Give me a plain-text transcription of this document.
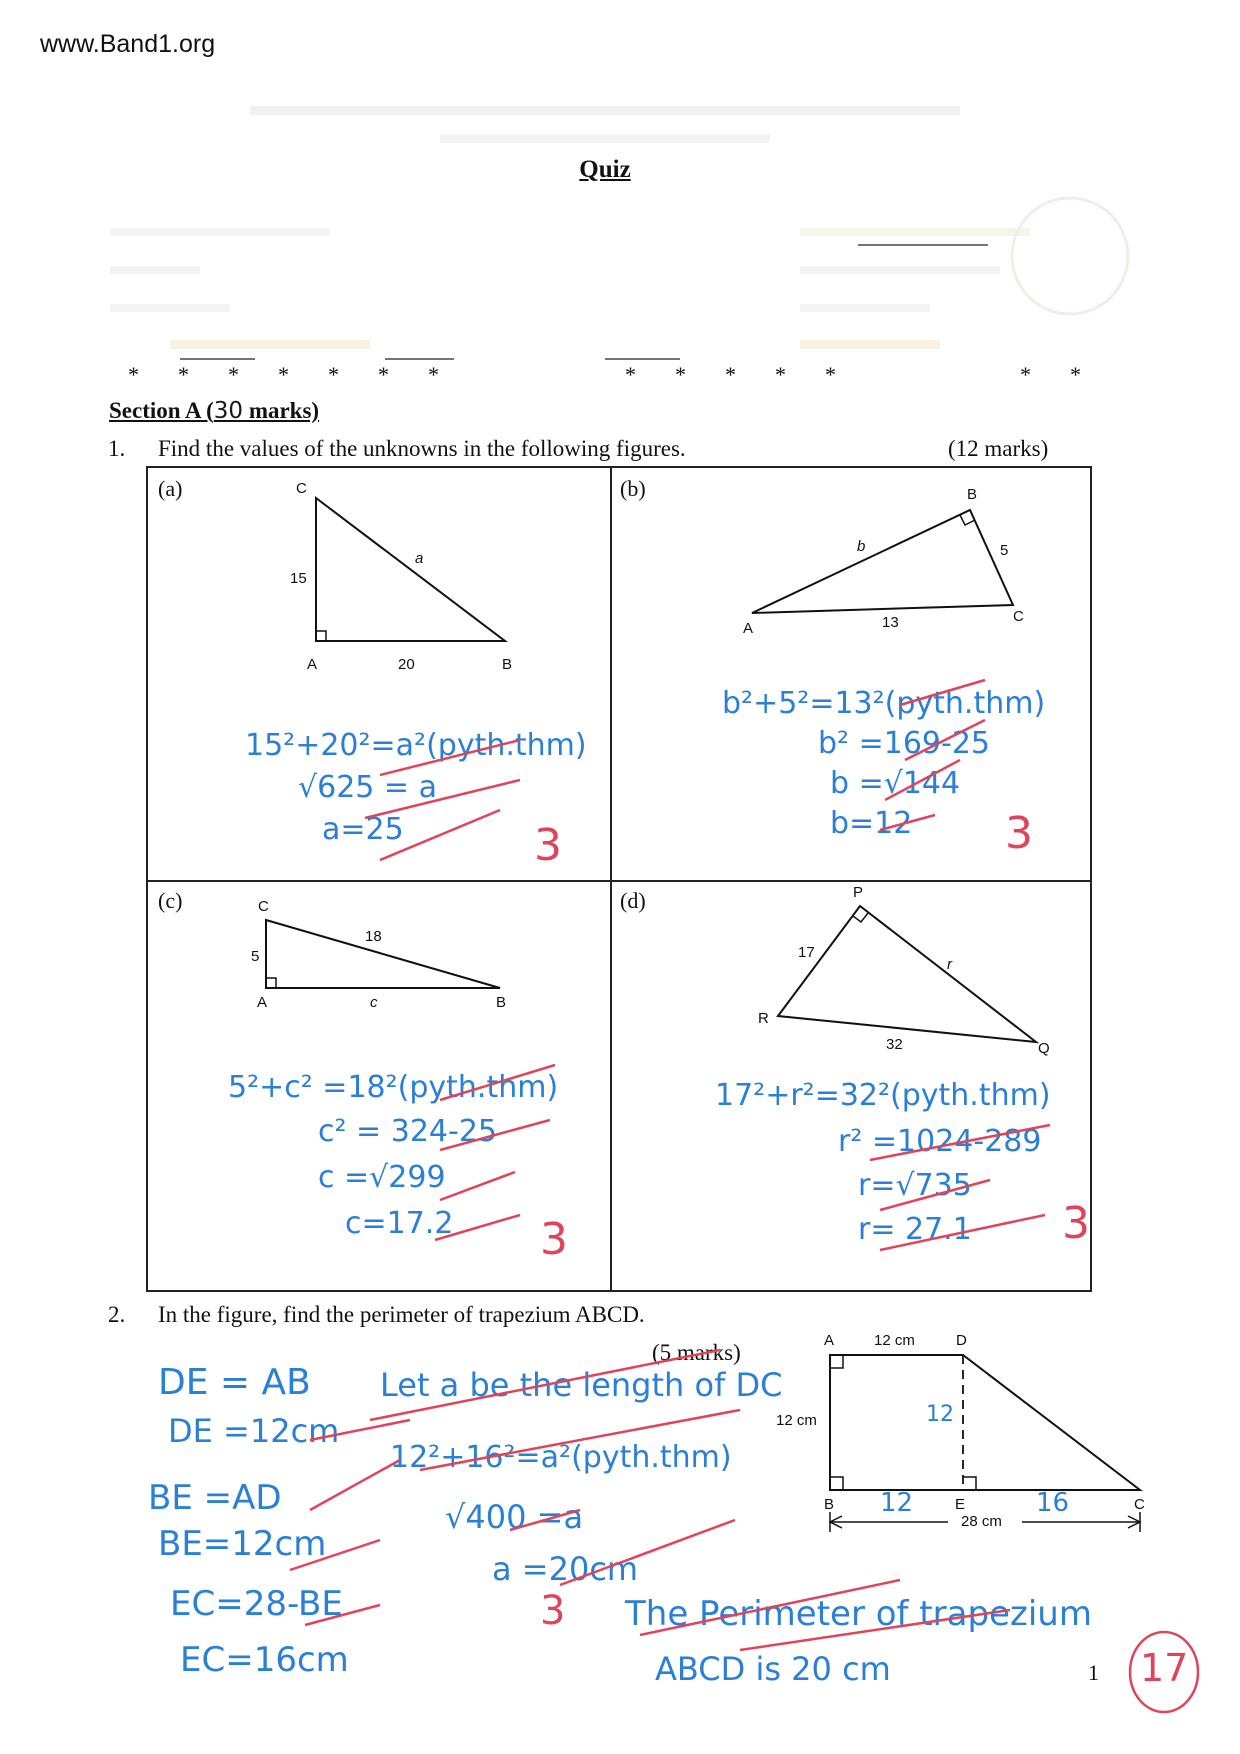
www.Band1.org
Quiz
* * * * * * *	* * * * *	* *
Section A (30 marks)
1. Find the values of the unknowns in the following figures.	(12 marks)
(a)	C
A	B
15
20
a
15²+20²=a²(pyth.thm)
√625 = a
a=25	3
(b)	B
A
C
b	5
13
b²+5²=13²(pyth.thm)
b² =169-25
b =√144
b=12 3
(c)	C
A	B
5
18
c
5²+c² =18²(pyth.thm)
c² = 324-25
c =√299
c=17.2 3
(d)	P
R
Q
17
r
32
17²+r²=32²(pyth.thm)
r² =1024-289
r=√735
r= 27.1 3
2. In the figure, find the perimeter of trapezium ABCD.
(5 marks)	A	D
B	E	C
12 cm
12 cm
28 cm
12
12	16
DE = AB
DE =12cm
BE =AD
BE=12cm
EC=28-BE
EC=16cm
Let a be the length of DC
12²+16²=a²(pyth.thm)
√400 =a
a =20cm
The Perimeter of trapezium
ABCD is 20 cm
3
1 17
